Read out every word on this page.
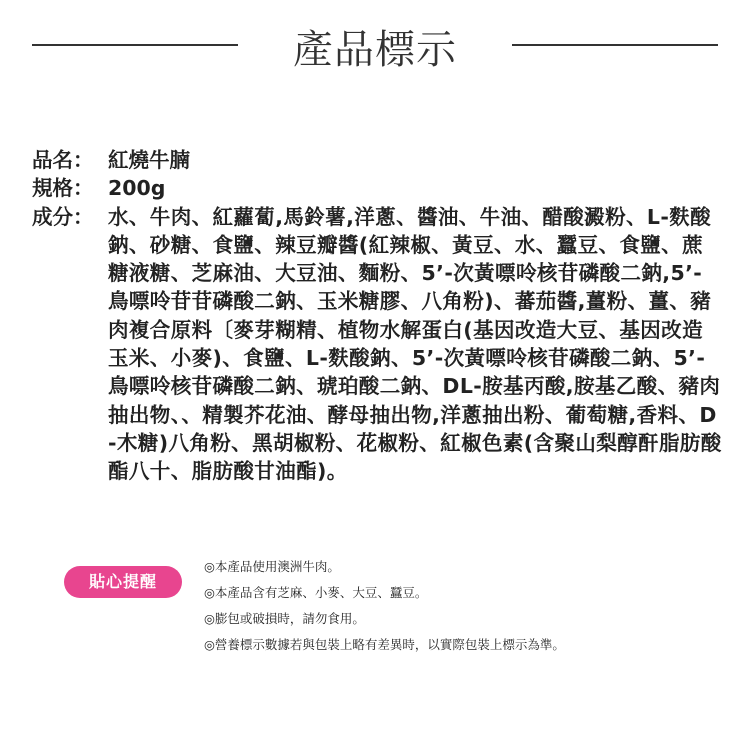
產品標示
品名： 紅燒牛腩
規格： 200g
成分： 水、牛肉、紅蘿蔔,馬鈴薯,洋蔥、醬油、牛油、醋酸澱粉、L-麩酸鈉、砂糖、食鹽、辣豆瓣醬(紅辣椒、黃豆、水、蠶豆、食鹽、蔗糖液糖、芝麻油、大豆油、麵粉、5’-次黃嘌呤核苷磷酸二鈉,5’-鳥嘌呤苷苷磷酸二鈉、玉米糖膠、八角粉)、蕃茄醬,薑粉、薑、豬肉複合原料〔麥芽糊精、植物水解蛋白(基因改造大豆、基因改造玉米、小麥)、食鹽、L-麩酸鈉、5’-次黃嘌呤核苷磷酸二鈉、5’-鳥嘌呤核苷磷酸二鈉、琥珀酸二鈉、DL-胺基丙酸,胺基乙酸、豬肉抽出物、、精製芥花油、酵母抽出物,洋蔥抽出粉、葡萄糖,香料、D-木糖)八角粉、黑胡椒粉、花椒粉、紅椒色素(含聚山梨醇酐脂肪酸酯八十、脂肪酸甘油酯)。
貼心提醒
◎本產品使用澳洲牛肉。
◎本產品含有芝麻、小麥、大豆、蠶豆。
◎膨包或破損時，請勿食用。
◎營養標示數據若與包裝上略有差異時，以實際包裝上標示為準。
